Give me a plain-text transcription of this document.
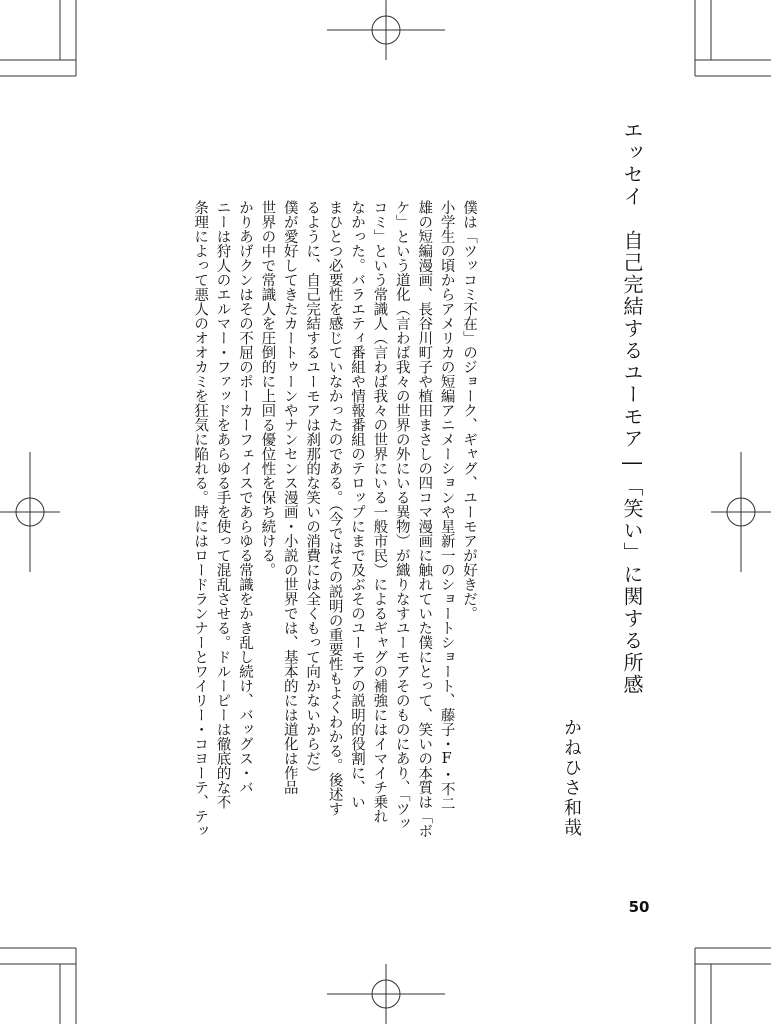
エッセイ　自己完結するユーモア―「笑い」に関する所感
かねひさ和哉
僕は「ツッコミ不在」のジョーク、ギャグ、ユーモアが好きだ。
小学生の頃からアメリカの短編アニメーションや星新一のショートショート、藤子・F・不二
雄の短編漫画、長谷川町子や植田まさしの四コマ漫画に触れていた僕にとって、笑いの本質は「ボ
ケ」という道化（言わば我々の世界の外にいる異物）が織りなすユーモアそのものにあり、「ツッ
コミ」という常識人（言わば我々の世界にいる一般市民）によるギャグの補強にはイマイチ乗れ
なかった。バラエティ番組や情報番組のテロップにまで及ぶそのユーモアの説明的役割に、い
まひとつ必要性を感じていなかったのである。（今ではその説明の重要性もよくわかる。後述す
るように、自己完結するユーモアは刹那的な笑いの消費には全くもって向かないからだ）
僕が愛好してきたカートゥーンやナンセンス漫画・小説の世界では、基本的には道化は作品
世界の中で常識人を圧倒的に上回る優位性を保ち続ける。
かりあげクンはその不屈のポーカーフェイスであらゆる常識をかき乱し続け、バッグス・バ
ニーは狩人のエルマー・ファッドをあらゆる手を使って混乱させる。ドルーピーは徹底的な不
条理によって悪人のオオカミを狂気に陥れる。時にはロードランナーとワイリー・コヨーテ、テッ
50
